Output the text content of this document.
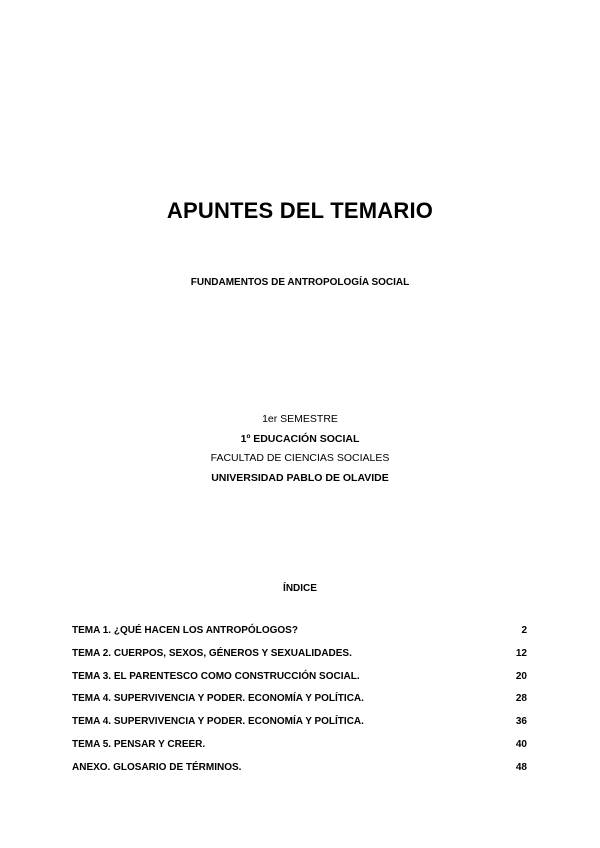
APUNTES DEL TEMARIO
FUNDAMENTOS DE ANTROPOLOGÍA SOCIAL
1er SEMESTRE
1º EDUCACIÓN SOCIAL
FACULTAD DE CIENCIAS SOCIALES
UNIVERSIDAD PABLO DE OLAVIDE
ÍNDICE
TEMA 1. ¿QUÉ HACEN LOS ANTROPÓLOGOS?	2
TEMA 2. CUERPOS, SEXOS, GÉNEROS Y SEXUALIDADES.	12
TEMA 3. EL PARENTESCO COMO CONSTRUCCIÓN SOCIAL.	20
TEMA 4. SUPERVIVENCIA Y PODER. ECONOMÍA Y POLÍTICA.	28
TEMA 4. SUPERVIVENCIA Y PODER. ECONOMÍA Y POLÍTICA.	36
TEMA 5. PENSAR Y CREER.	40
ANEXO. GLOSARIO DE TÉRMINOS.	48
